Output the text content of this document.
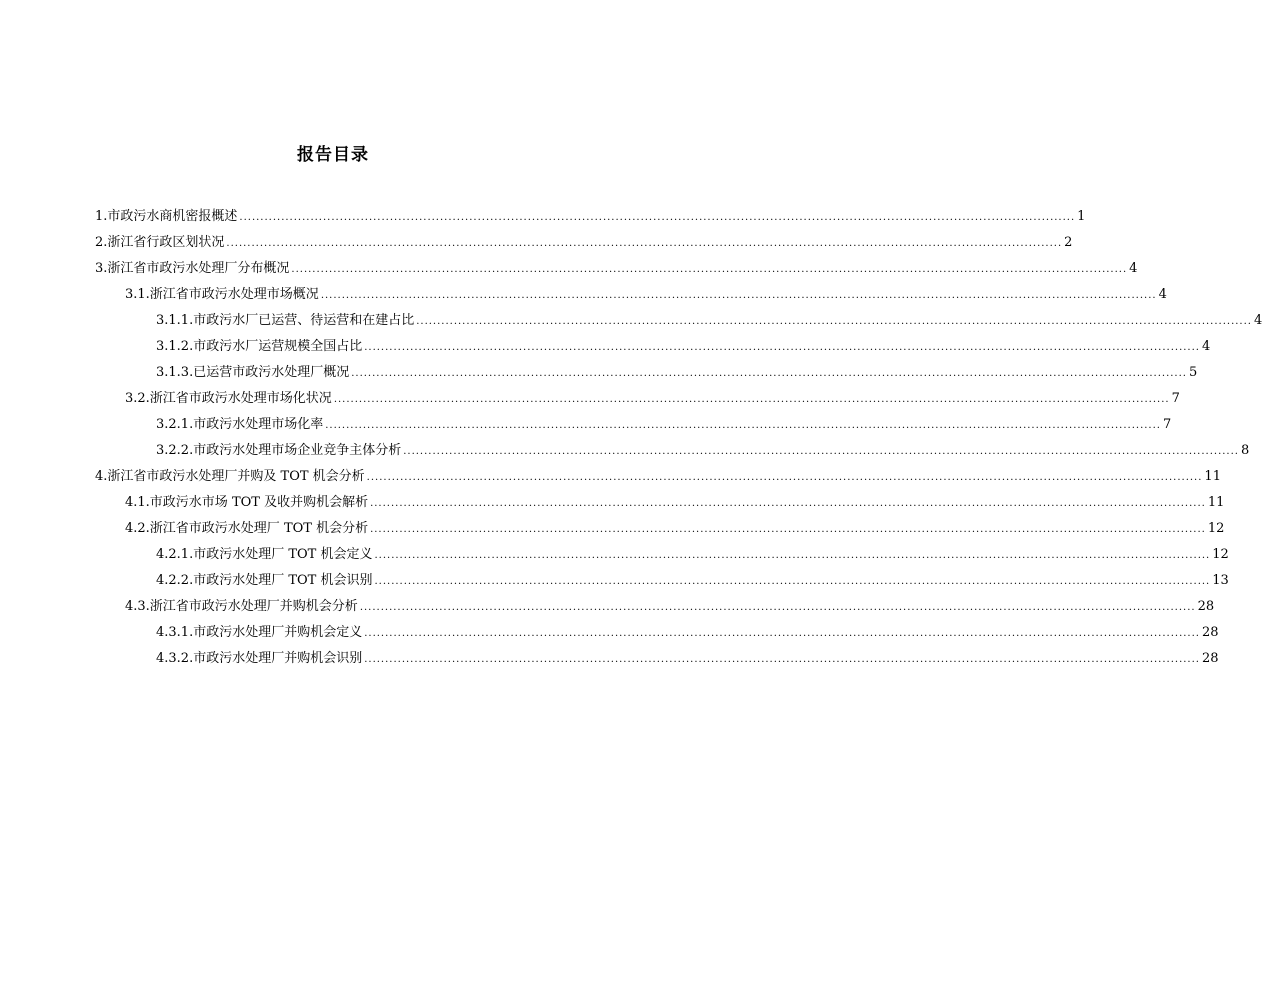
报告目录
1.市政污水商机密报概述 ........................................................................................................................................................................................................ 1
2.浙江省行政区划状况 ........................................................................................................................................................................................................ 2
3.浙江省市政污水处理厂分布概况 ........................................................................................................................................................................................................ 4
3.1.浙江省市政污水处理市场概况 ........................................................................................................................................................................................................ 4
3.1.1.市政污水厂已运营、待运营和在建占比 ........................................................................................................................................................................................................ 4
3.1.2.市政污水厂运营规模全国占比 ........................................................................................................................................................................................................ 4
3.1.3.已运营市政污水处理厂概况 ........................................................................................................................................................................................................ 5
3.2.浙江省市政污水处理市场化状况 ........................................................................................................................................................................................................ 7
3.2.1.市政污水处理市场化率 ........................................................................................................................................................................................................ 7
3.2.2.市政污水处理市场企业竞争主体分析 ........................................................................................................................................................................................................ 8
4.浙江省市政污水处理厂并购及 TOT 机会分析 ........................................................................................................................................................................................................ 11
4.1.市政污水市场 TOT 及收并购机会解析 ........................................................................................................................................................................................................ 11
4.2.浙江省市政污水处理厂 TOT 机会分析 ........................................................................................................................................................................................................ 12
4.2.1.市政污水处理厂 TOT 机会定义 ........................................................................................................................................................................................................ 12
4.2.2.市政污水处理厂 TOT 机会识别 ........................................................................................................................................................................................................ 13
4.3.浙江省市政污水处理厂并购机会分析 ........................................................................................................................................................................................................ 28
4.3.1.市政污水处理厂并购机会定义 ........................................................................................................................................................................................................ 28
4.3.2.市政污水处理厂并购机会识别 ........................................................................................................................................................................................................ 28
